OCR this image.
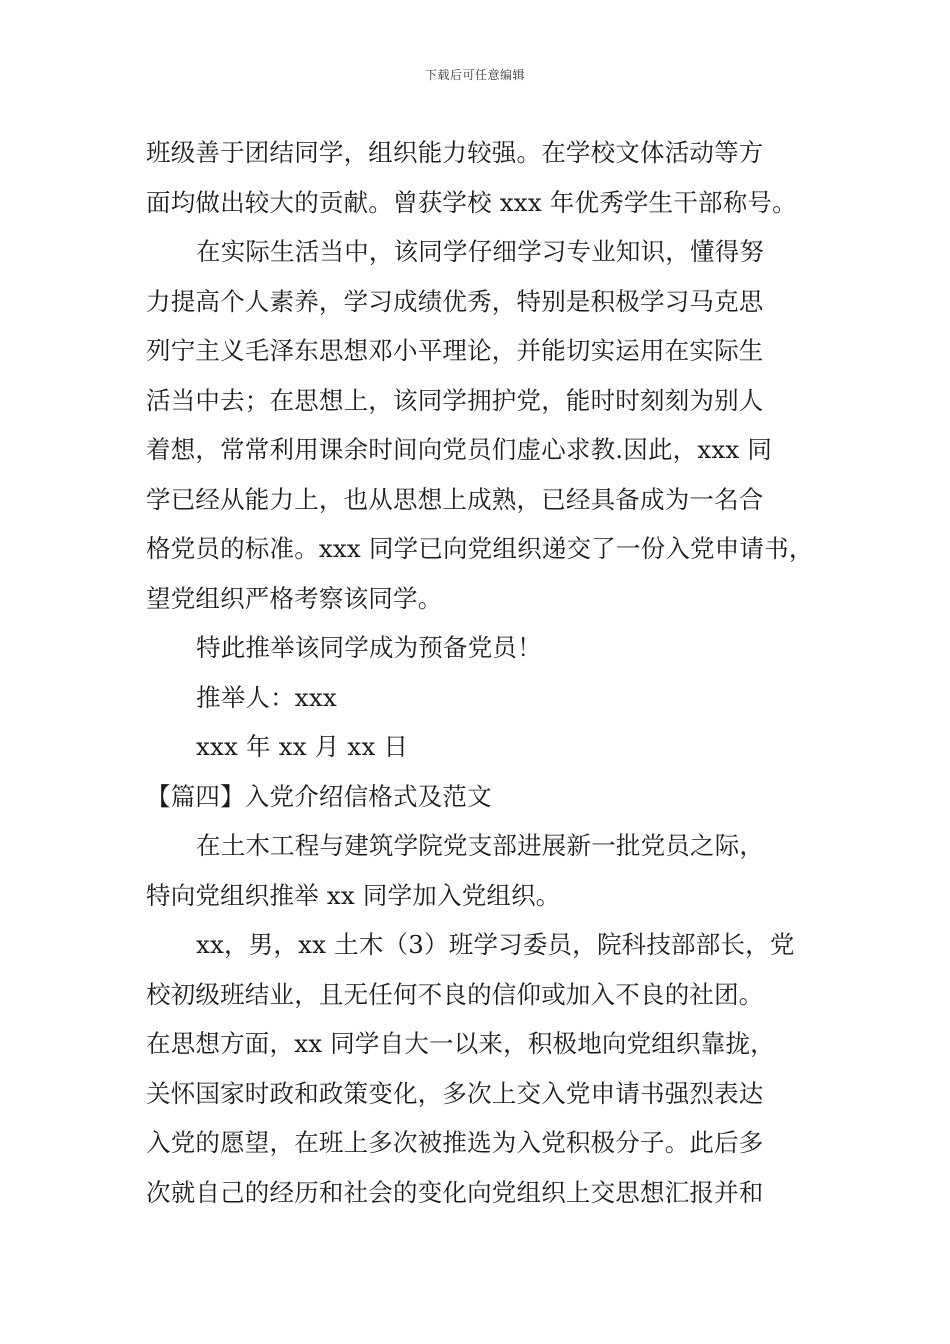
下载后可任意编辑
班级善于团结同学，组织能力较强。在学校文体活动等方
面均做出较大的贡献。曾获学校 xxx 年优秀学生干部称号。
在实际生活当中，该同学仔细学习专业知识，懂得努
力提高个人素养，学习成绩优秀，特别是积极学习马克思
列宁主义毛泽东思想邓小平理论，并能切实运用在实际生
活当中去；在思想上，该同学拥护党，能时时刻刻为别人
着想，常常利用课余时间向党员们虚心求教.因此，xxx 同
学已经从能力上，也从思想上成熟，已经具备成为一名合
格党员的标准。xxx 同学已向党组织递交了一份入党申请书，
望党组织严格考察该同学。
特此推举该同学成为预备党员！
推举人：xxx
xxx 年 xx 月 xx 日
【篇四】入党介绍信格式及范文
在土木工程与建筑学院党支部进展新一批党员之际，
特向党组织推举 xx 同学加入党组织。
xx，男，xx 土木（3）班学习委员，院科技部部长，党
校初级班结业，且无任何不良的信仰或加入不良的社团。
在思想方面，xx 同学自大一以来，积极地向党组织靠拢，
关怀国家时政和政策变化，多次上交入党申请书强烈表达
入党的愿望，在班上多次被推选为入党积极分子。此后多
次就自己的经历和社会的变化向党组织上交思想汇报并和
